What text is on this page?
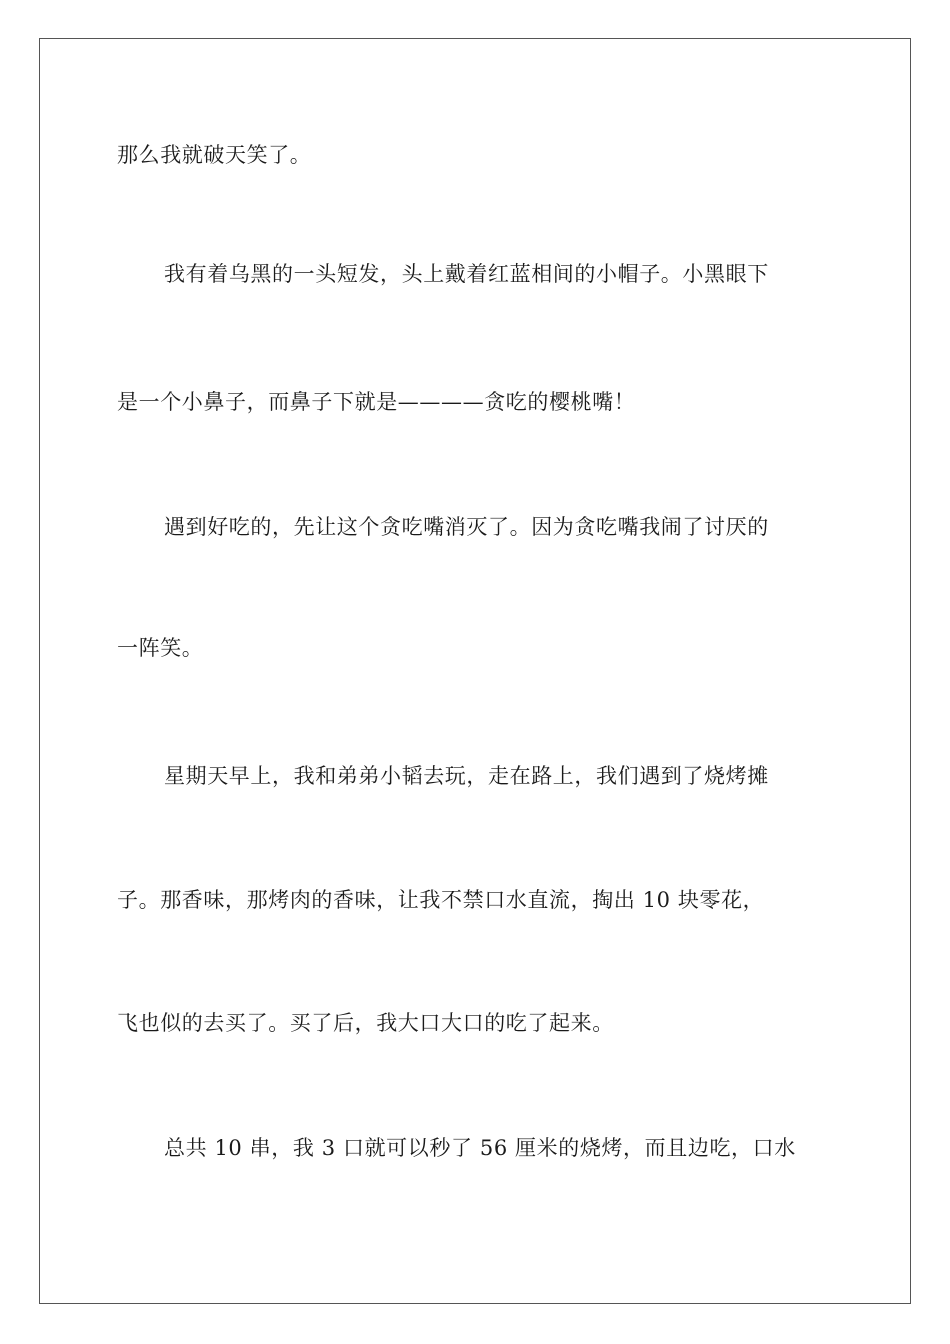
那么我就破天笑了。
我有着乌黑的一头短发，头上戴着红蓝相间的小帽子。小黑眼下
是一个小鼻子，而鼻子下就是————贪吃的樱桃嘴！
遇到好吃的，先让这个贪吃嘴消灭了。因为贪吃嘴我闹了讨厌的
一阵笑。
星期天早上，我和弟弟小韬去玩，走在路上，我们遇到了烧烤摊
子。那香味，那烤肉的香味，让我不禁口水直流，掏出 10 块零花，
飞也似的去买了。买了后，我大口大口的吃了起来。
总共 10 串，我 3 口就可以秒了 56 厘米的烧烤，而且边吃，口水
